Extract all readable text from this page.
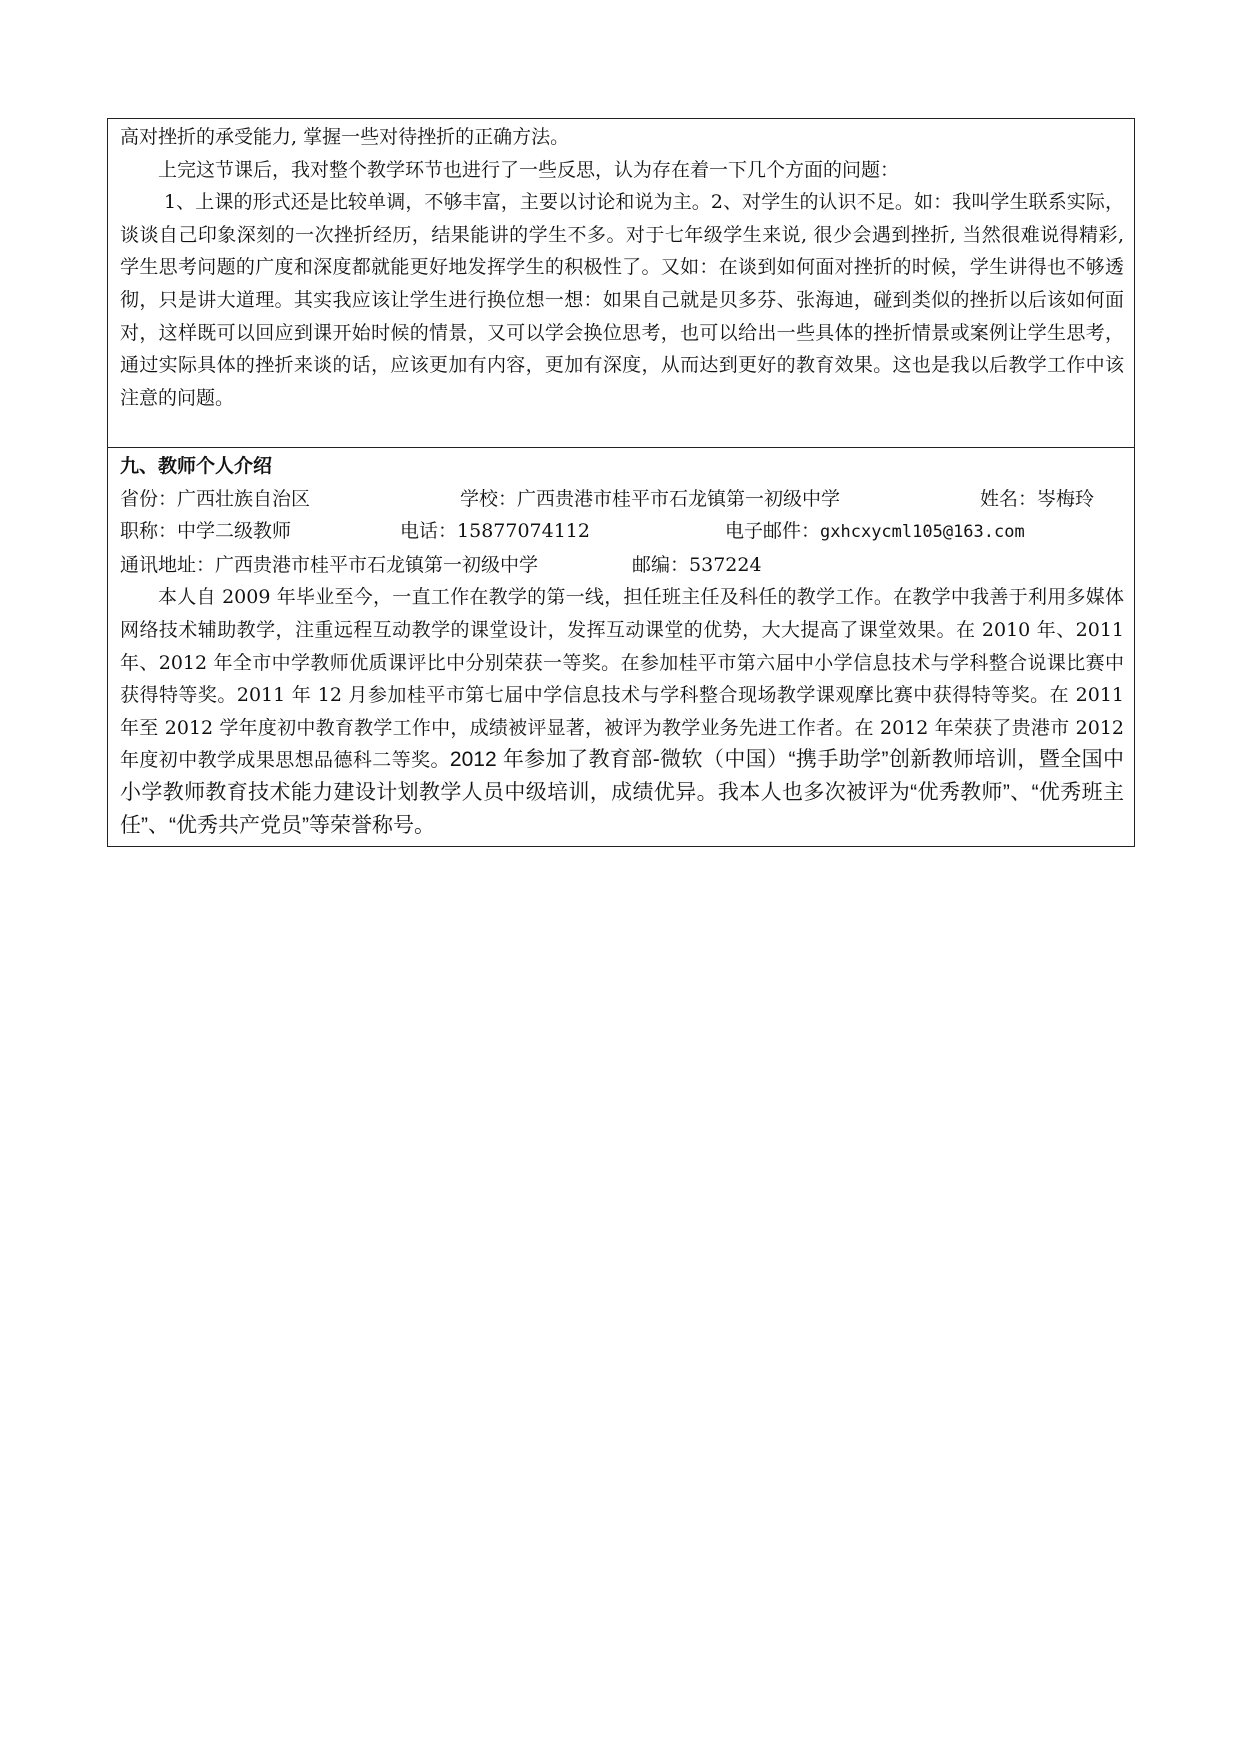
高对挫折的承受能力, 掌握一些对待挫折的正确方法。

上完这节课后，我对整个教学环节也进行了一些反思，认为存在着一下几个方面的问题：

1、上课的形式还是比较单调，不够丰富，主要以讨论和说为主。2、对学生的认识不足。如：我叫学生联系实际，谈谈自己印象深刻的一次挫折经历，结果能讲的学生不多。对于七年级学生来说, 很少会遇到挫折, 当然很难说得精彩, 学生思考问题的广度和深度都就能更好地发挥学生的积极性了。又如：在谈到如何面对挫折的时候，学生讲得也不够透彻，只是讲大道理。其实我应该让学生进行换位想一想：如果自己就是贝多芬、张海迪，碰到类似的挫折以后该如何面对，这样既可以回应到课开始时候的情景，又可以学会换位思考，也可以给出一些具体的挫折情景或案例让学生思考，通过实际具体的挫折来谈的话，应该更加有内容，更加有深度，从而达到更好的教育效果。这也是我以后教学工作中该注意的问题。

九、教师个人介绍
省份：广西壮族自治区	学校：广西贵港市桂平市石龙镇第一初级中学	姓名：岑梅玲
职称：中学二级教师	电话：15877074112	电子邮件：gxhcxycml105@163.com
通讯地址：广西贵港市桂平市石龙镇第一初级中学	邮编：537224

本人自 2009 年毕业至今，一直工作在教学的第一线，担任班主任及科任的教学工作。在教学中我善于利用多媒体网络技术辅助教学，注重远程互动教学的课堂设计，发挥互动课堂的优势，大大提高了课堂效果。在 2010 年、2011 年、2012 年全市中学教师优质课评比中分别荣获一等奖。在参加桂平市第六届中小学信息技术与学科整合说课比赛中获得特等奖。2011 年 12 月参加桂平市第七届中学信息技术与学科整合现场教学课观摩比赛中获得特等奖。在 2011 年至 2012 学年度初中教育教学工作中，成绩被评显著，被评为教学业务先进工作者。在 2012 年荣获了贵港市 2012 年度初中教学成果思想品德科二等奖。2012 年参加了教育部-微软（中国）“携手助学”创新教师培训，暨全国中小学教师教育技术能力建设计划教学人员中级培训，成绩优异。我本人也多次被评为“优秀教师”、“优秀班主任”、“优秀共产党员”等荣誉称号。
